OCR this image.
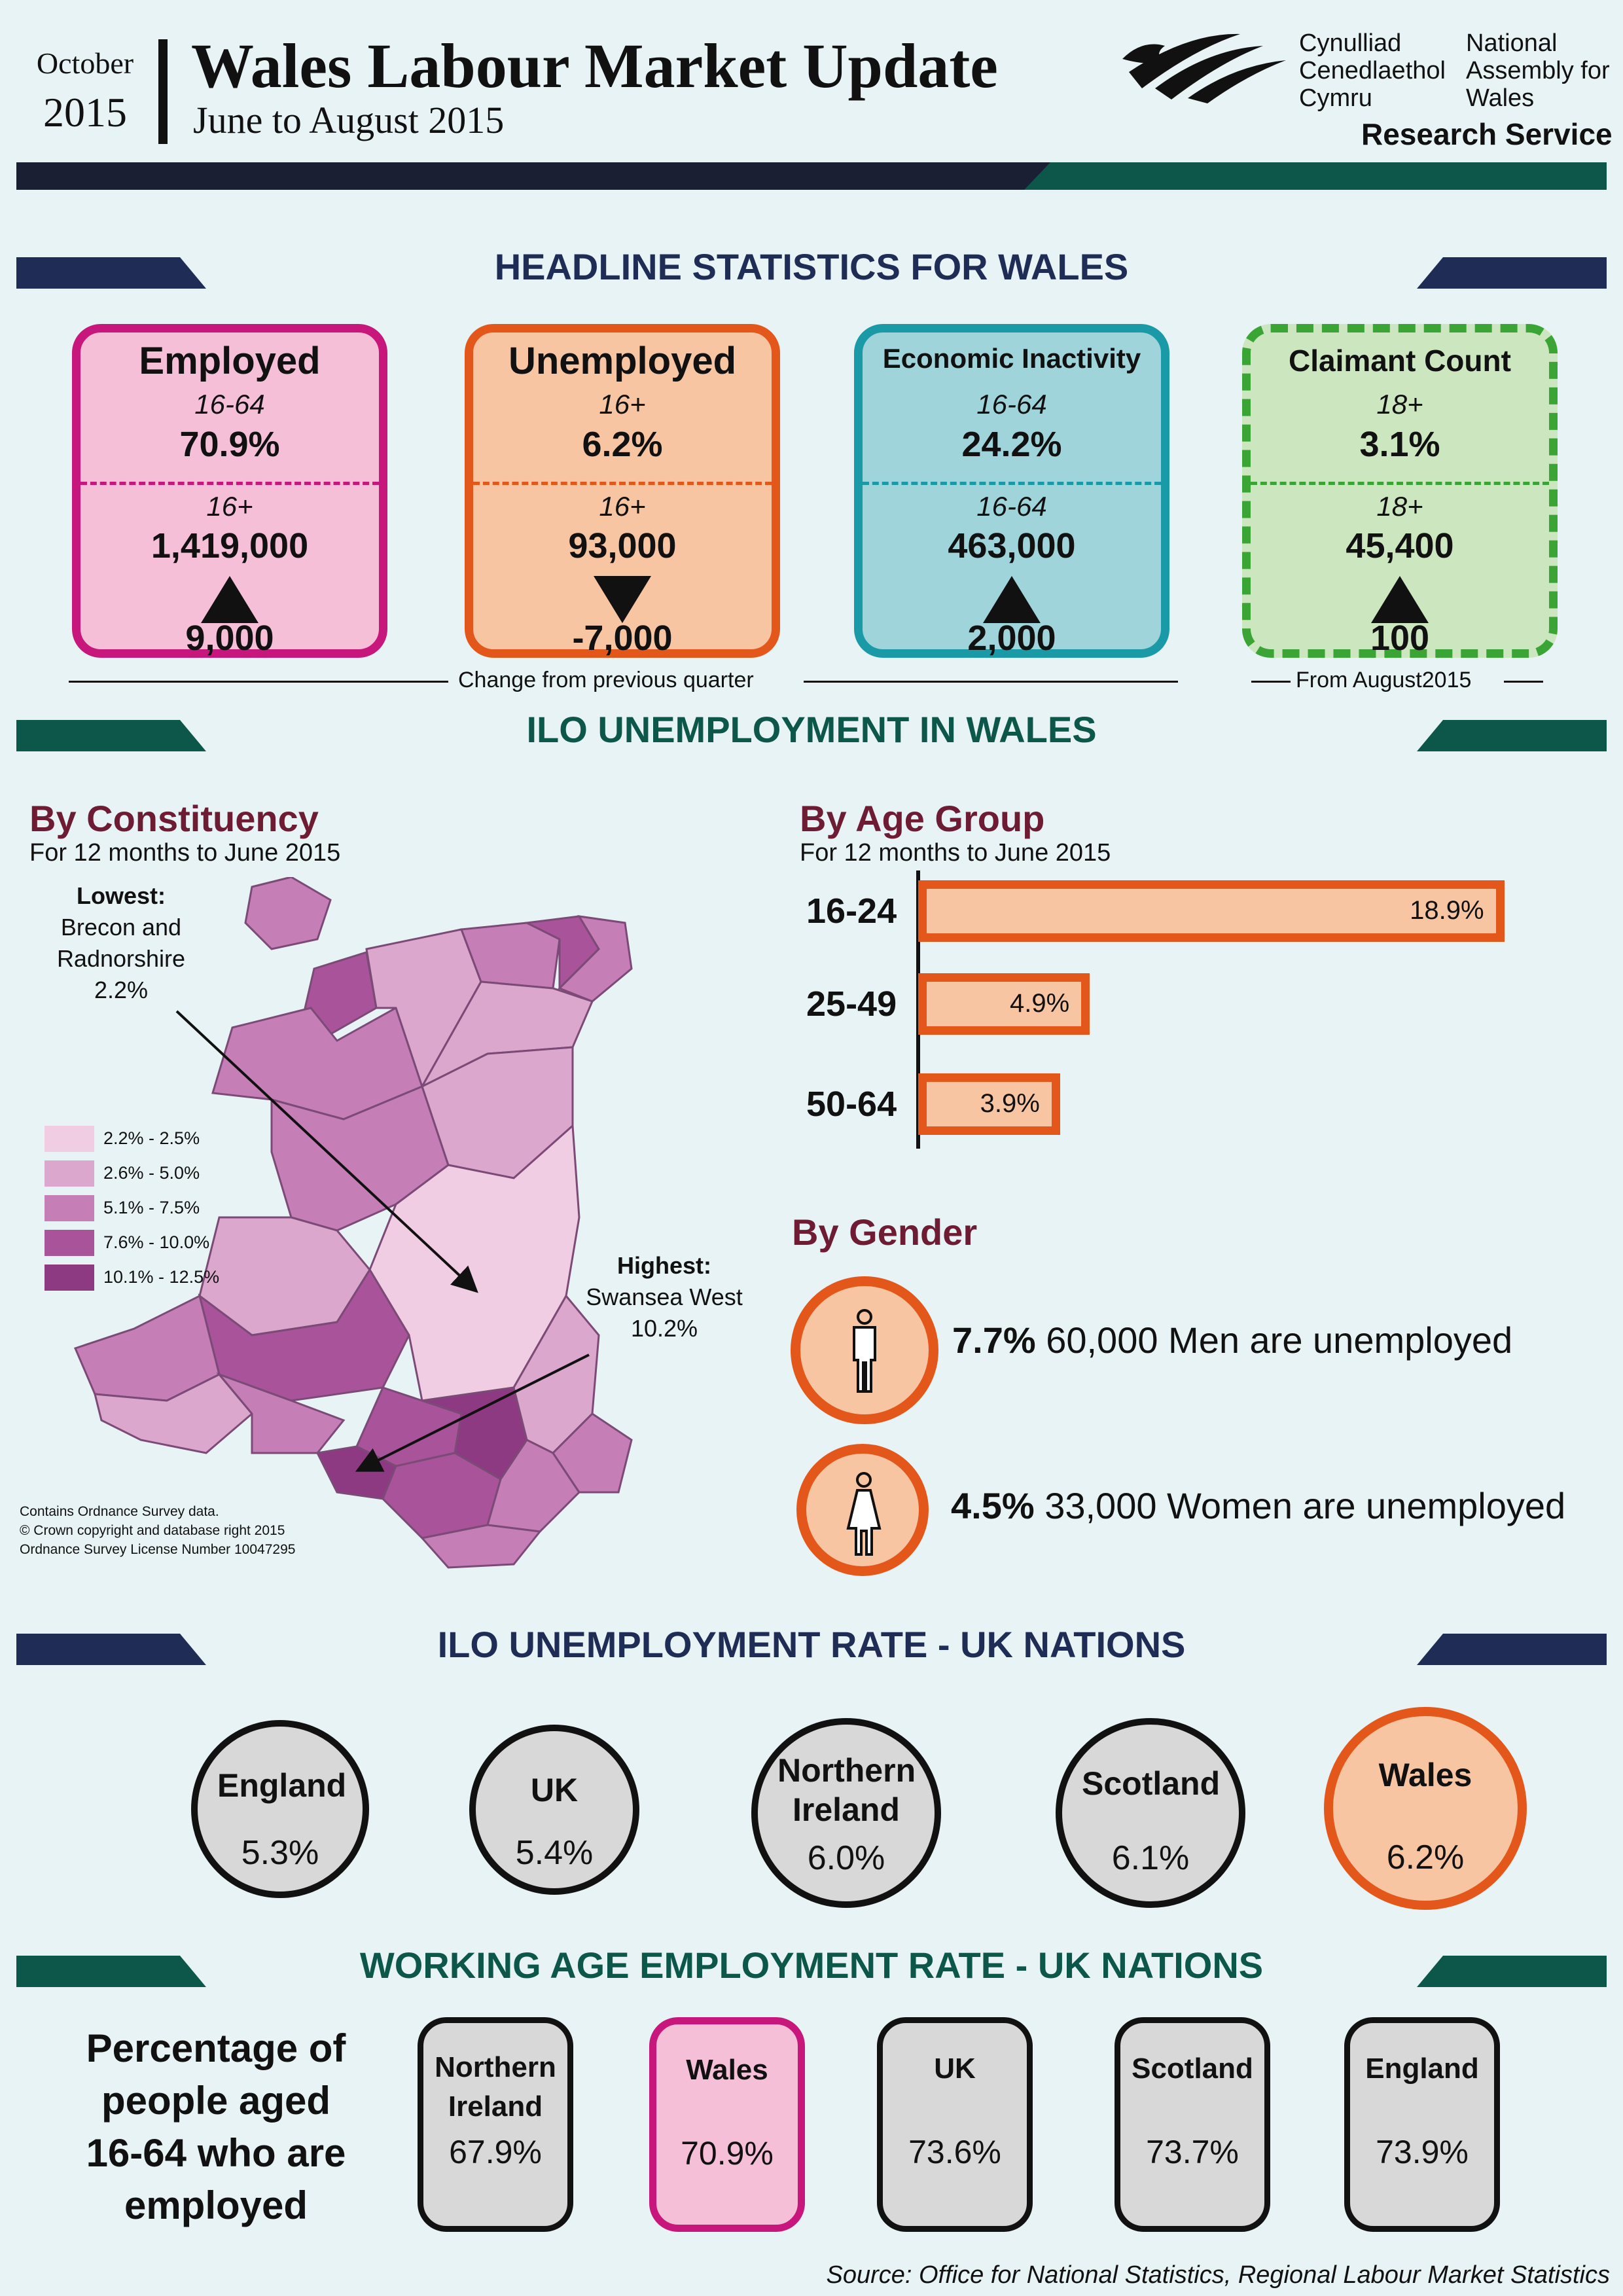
October
2015
Wales Labour Market Update
June to August 2015
Cynulliad
Cenedlaethol
Cymru
National
Assembly for
Wales
Research Service
HEADLINE STATISTICS FOR WALES
Employed
16-64
70.9%
16+
1,419,000
9,000
Unemployed
16+
6.2%
16+
93,000
-7,000
Economic Inactivity
16-64
24.2%
16-64
463,000
2,000
Claimant Count
18+
3.1%
18+
45,400
100
Change from previous quarter	From August2015
ILO UNEMPLOYMENT IN WALES
By Constituency
For 12 months to June 2015
2.2% - 2.5%
2.6% - 5.0%
5.1% - 7.5%
7.6% - 10.0%
10.1% - 12.5%
Lowest:
Brecon and
Radnorshire
2.2%
Highest:
Swansea West
10.2%
Contains Ordnance Survey data.
© Crown copyright and database right 2015
Ordnance Survey License Number 10047295
By Age Group
For 12 months to June 2015
16-24	18.9%
25-49	4.9%
50-64	3.9%
By Gender
7.7% 60,000 Men are unemployed
4.5% 33,000 Women are unemployed
ILO UNEMPLOYMENT RATE - UK NATIONS
England
5.3%
UK
5.4%
Northern Ireland
6.0%
Scotland
6.1%
Wales
6.2%
WORKING AGE EMPLOYMENT RATE - UK NATIONS
Percentage of
people aged
16-64 who are
employed
Northern Ireland
67.9%
Wales
70.9%
UK
73.6%
Scotland
73.7%
England
73.9%
Source: Office for National Statistics, Regional Labour Market Statistics
